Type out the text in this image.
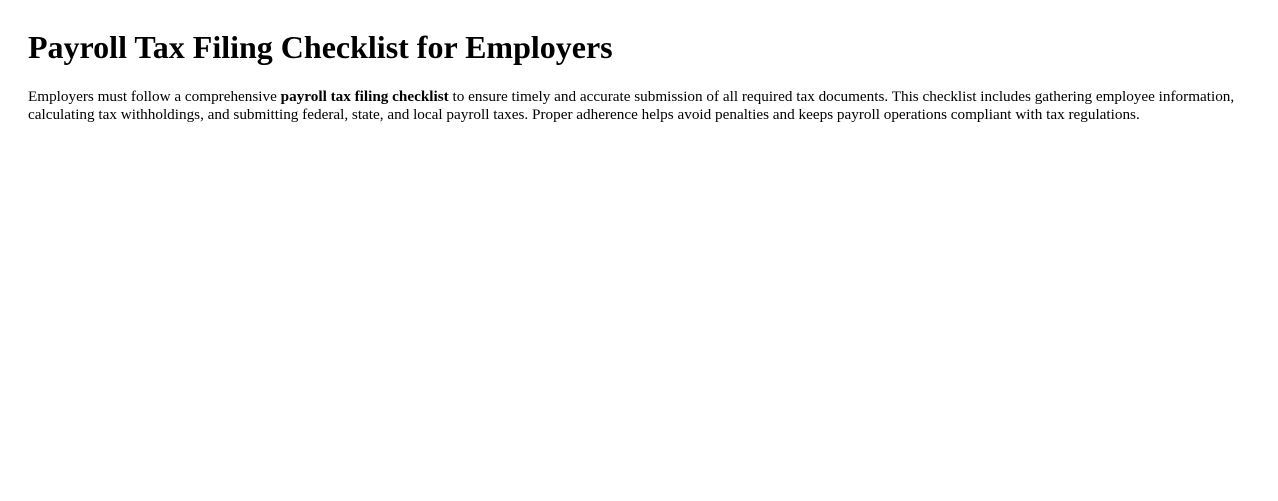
Payroll Tax Filing Checklist for Employers

Employers must follow a comprehensive payroll tax filing checklist to ensure timely and accurate submission of all required tax documents. This checklist includes gathering employee information, calculating tax withholdings, and submitting federal, state, and local payroll taxes. Proper adherence helps avoid penalties and keeps payroll operations compliant with tax regulations.
